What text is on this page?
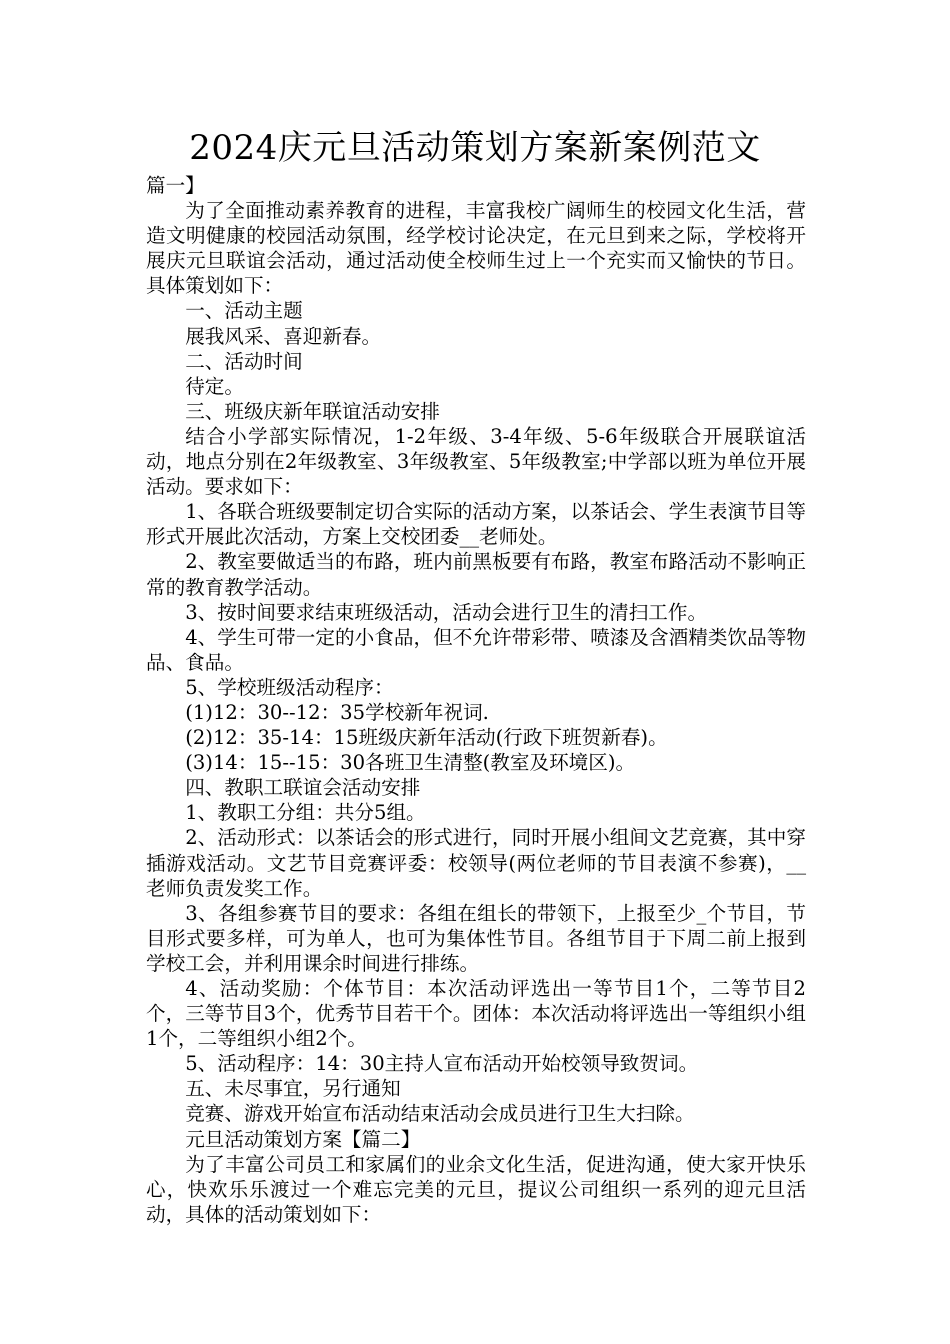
2024庆元旦活动策划方案新案例范文

篇一】

为了全面推动素养教育的进程，丰富我校广阔师生的校园文化生活，营造文明健康的校园活动氛围，经学校讨论决定，在元旦到来之际，学校将开展庆元旦联谊会活动，通过活动使全校师生过上一个充实而又愉快的节日。具体策划如下：

一、活动主题

展我风采、喜迎新春。

二、活动时间

待定。

三、班级庆新年联谊活动安排

结合小学部实际情况，1-2年级、3-4年级、5-6年级联合开展联谊活动，地点分别在2年级教室、3年级教室、5年级教室;中学部以班为单位开展活动。要求如下：

1、各联合班级要制定切合实际的活动方案，以茶话会、学生表演节目等形式开展此次活动，方案上交校团委__老师处。

2、教室要做适当的布路，班内前黑板要有布路，教室布路活动不影响正常的教育教学活动。

3、按时间要求结束班级活动，活动会进行卫生的清扫工作。

4、学生可带一定的小食品，但不允许带彩带、喷漆及含酒精类饮品等物品、食品。

5、学校班级活动程序：

(1)12：30--12：35学校新年祝词.

(2)12：35-14：15班级庆新年活动(行政下班贺新春)。

(3)14：15--15：30各班卫生清整(教室及环境区)。

四、教职工联谊会活动安排

1、教职工分组：共分5组。

2、活动形式：以茶话会的形式进行，同时开展小组间文艺竞赛，其中穿插游戏活动。文艺节目竞赛评委：校领导(两位老师的节目表演不参赛)，__老师负责发奖工作。

3、各组参赛节目的要求：各组在组长的带领下，上报至少_个节目，节目形式要多样，可为单人，也可为集体性节目。各组节目于下周二前上报到学校工会，并利用课余时间进行排练。

4、活动奖励：个体节目：本次活动评选出一等节目1个，二等节目2个，三等节目3个，优秀节目若干个。团体：本次活动将评选出一等组织小组1个，二等组织小组2个。

5、活动程序：14：30主持人宣布活动开始校领导致贺词。

五、未尽事宜，另行通知

竞赛、游戏开始宣布活动结束活动会成员进行卫生大扫除。

元旦活动策划方案【篇二】

为了丰富公司员工和家属们的业余文化生活，促进沟通，使大家开快乐心，快欢乐乐渡过一个难忘完美的元旦，提议公司组织一系列的迎元旦活动，具体的活动策划如下：
